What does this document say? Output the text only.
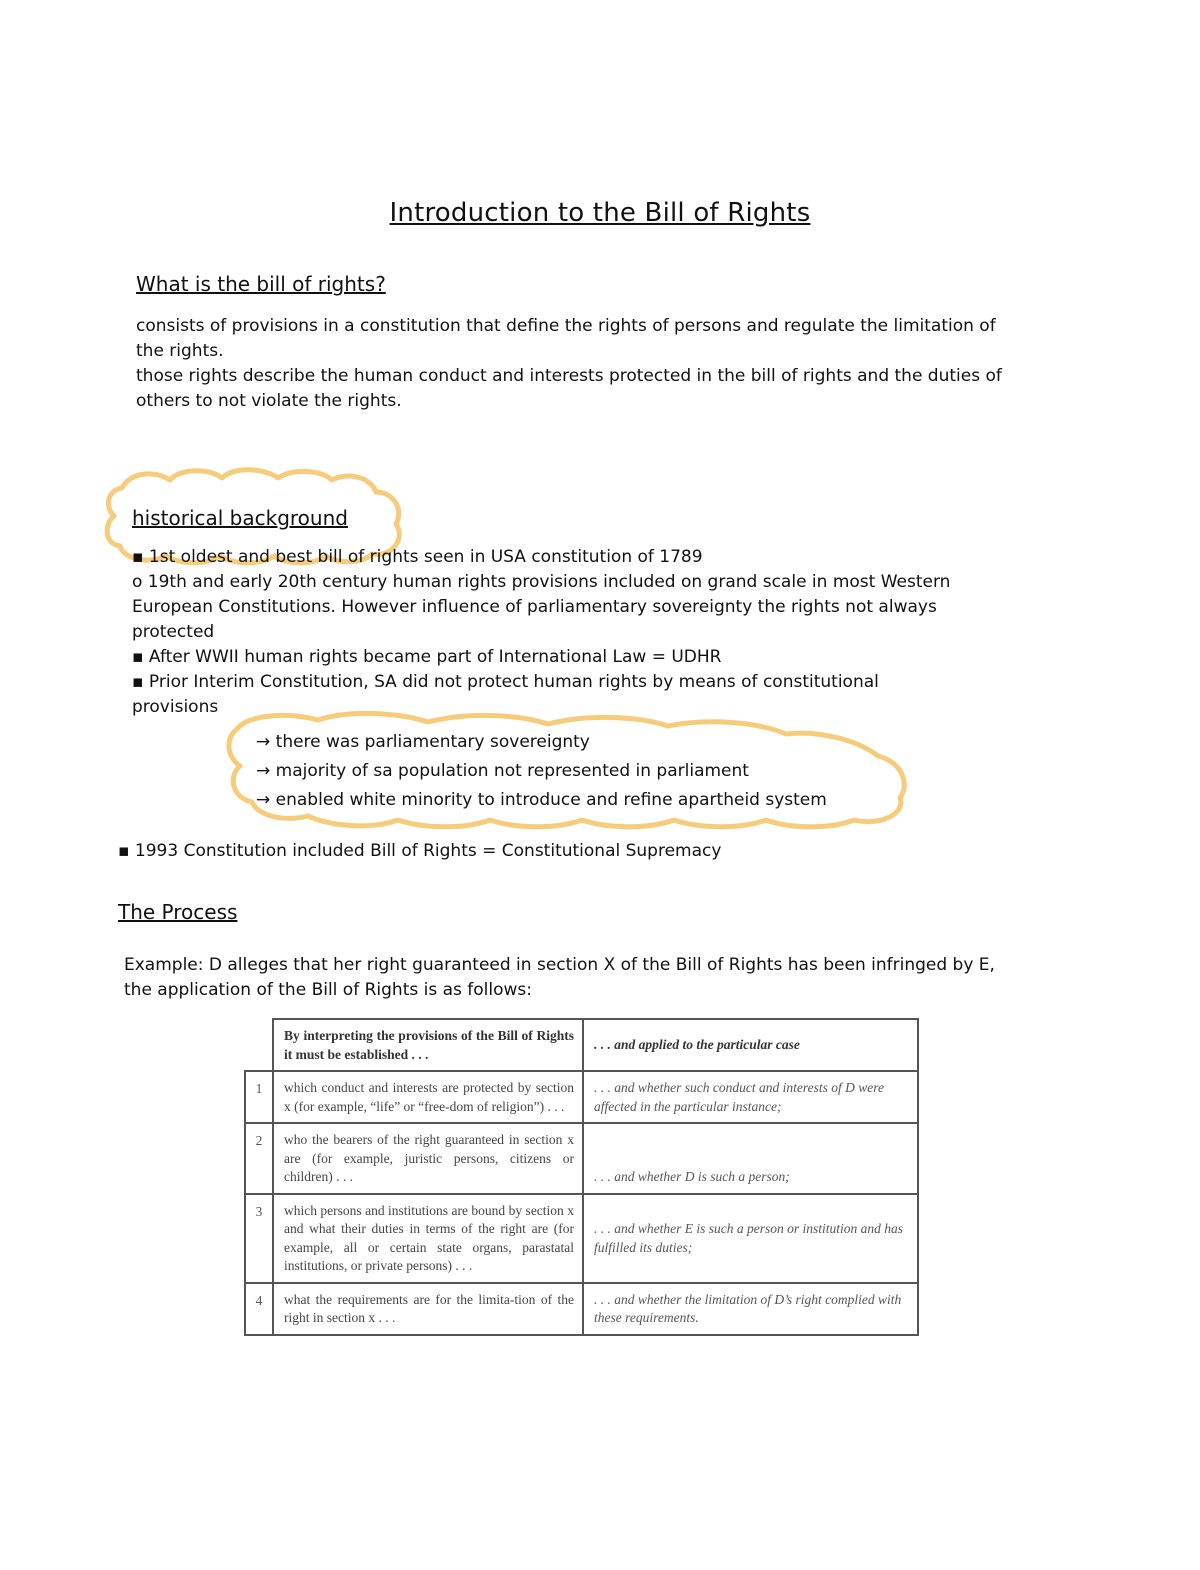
Introduction to the Bill of Rights
What is the bill of rights?
consists of provisions in a constitution that define the rights of persons and regulate the limitation of
the rights.
those rights describe the human conduct and interests protected in the bill of rights and the duties of
others to not violate the rights.
historical background
▪ 1st oldest and best bill of rights seen in USA constitution of 1789
o 19th and early 20th century human rights provisions included on grand scale in most Western
European Constitutions. However influence of parliamentary sovereignty the rights not always
protected
▪ After WWII human rights became part of International Law = UDHR
▪ Prior Interim Constitution, SA did not protect human rights by means of constitutional
provisions
→ there was parliamentary sovereignty
→ majority of sa population not represented in parliament
→ enabled white minority to introduce and refine apartheid system
▪ 1993 Constitution included Bill of Rights = Constitutional Supremacy
The Process
Example: D alleges that her right guaranteed in section X of the Bill of Rights has been infringed by E,
the application of the Bill of Rights is as follows:
	By interpreting the provisions of the Bill of Rights it must be established . . .	. . . and applied to the particular case
1	which conduct and interests are protected by section x (for example, “life” or “free-dom of religion”) . . .	. . . and whether such conduct and interests of D were affected in the particular instance;
2	who the bearers of the right guaranteed in section x are (for example, juristic persons, citizens or children) . . .	. . . and whether D is such a person;
3	which persons and institutions are bound by section x and what their duties in terms of the right are (for example, all or certain state organs, parastatal institutions, or private persons) . . .	. . . and whether E is such a person or institution and has fulfilled its duties;
4	what the requirements are for the limita-tion of the right in section x . . .	. . . and whether the limitation of D’s right complied with these requirements.
